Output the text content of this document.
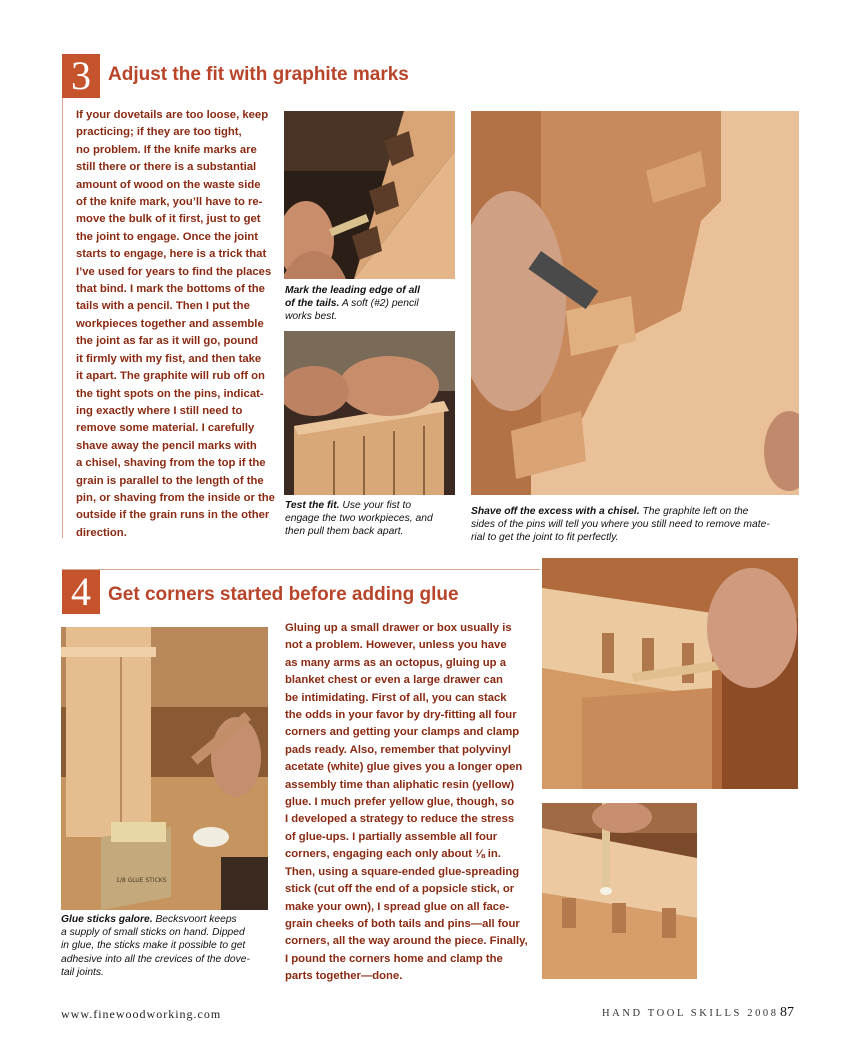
3 Adjust the fit with graphite marks
If your dovetails are too loose, keep
practicing; if they are too tight,
no problem. If the knife marks are
still there or there is a substantial
amount of wood on the waste side
of the knife mark, you’ll have to re-
move the bulk of it first, just to get
the joint to engage. Once the joint
starts to engage, here is a trick that
I’ve used for years to find the places
that bind. I mark the bottoms of the
tails with a pencil. Then I put the
workpieces together and assemble
the joint as far as it will go, pound
it firmly with my fist, and then take
it apart. The graphite will rub off on
the tight spots on the pins, indicat-
ing exactly where I still need to
remove some material. I carefully
shave away the pencil marks with
a chisel, shaving from the top if the
grain is parallel to the length of the
pin, or shaving from the inside or the
outside if the grain runs in the other
direction.
Mark the leading edge of all
of the tails. A soft (#2) pencil
works best.
Test the fit. Use your fist to
engage the two workpieces, and
then pull them back apart.
Shave off the excess with a chisel. The graphite left on the
sides of the pins will tell you where you still need to remove mate-
rial to get the joint to fit perfectly.
4 Get corners started before adding glue
1/8 GLUE STICKS
Glue sticks galore. Becksvoort keeps
a supply of small sticks on hand. Dipped
in glue, the sticks make it possible to get
adhesive into all the crevices of the dove-
tail joints.
Gluing up a small drawer or box usually is
not a problem. However, unless you have
as many arms as an octopus, gluing up a
blanket chest or even a large drawer can
be intimidating. First of all, you can stack
the odds in your favor by dry-fitting all four
corners and getting your clamps and clamp
pads ready. Also, remember that polyvinyl
acetate (white) glue gives you a longer open
assembly time than aliphatic resin (yellow)
glue. I much prefer yellow glue, though, so
I developed a strategy to reduce the stress
of glue-ups. I partially assemble all four
corners, engaging each only about ⅛ in.
Then, using a square-ended glue-spreading
stick (cut off the end of a popsicle stick, or
make your own), I spread glue on all face-
grain cheeks of both tails and pins—all four
corners, all the way around the piece. Finally,
I pound the corners home and clamp the
parts together—done.
www.finewoodworking.com	HAND TOOL SKILLS 2008 87
